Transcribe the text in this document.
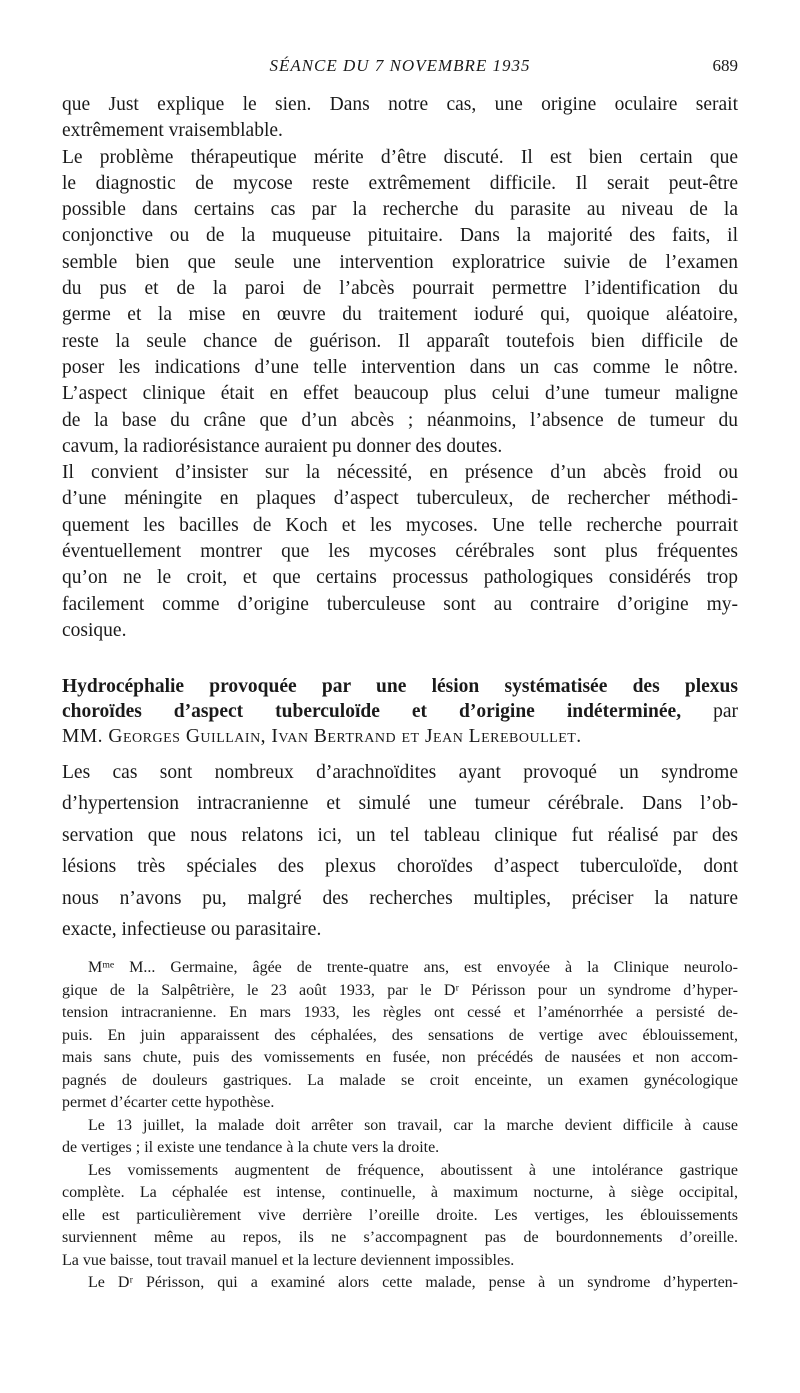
SÉANCE DU 7 NOVEMBRE 1935	689
que Just explique le sien. Dans notre cas, une origine oculaire serait
extrêmement vraisemblable.
Le problème thérapeutique mérite d’être discuté. Il est bien certain que
le diagnostic de mycose reste extrêmement difficile. Il serait peut-être
possible dans certains cas par la recherche du parasite au niveau de la
conjonctive ou de la muqueuse pituitaire. Dans la majorité des faits, il
semble bien que seule une intervention exploratrice suivie de l’examen
du pus et de la paroi de l’abcès pourrait permettre l’identification du
germe et la mise en œuvre du traitement ioduré qui, quoique aléatoire,
reste la seule chance de guérison. Il apparaît toutefois bien difficile de
poser les indications d’une telle intervention dans un cas comme le nôtre.
L’aspect clinique était en effet beaucoup plus celui d’une tumeur maligne
de la base du crâne que d’un abcès ; néanmoins, l’absence de tumeur du
cavum, la radiorésistance auraient pu donner des doutes.
Il convient d’insister sur la nécessité, en présence d’un abcès froid ou
d’une méningite en plaques d’aspect tuberculeux, de rechercher méthodi-
quement les bacilles de Koch et les mycoses. Une telle recherche pourrait
éventuellement montrer que les mycoses cérébrales sont plus fréquentes
qu’on ne le croit, et que certains processus pathologiques considérés trop
facilement comme d’origine tuberculeuse sont au contraire d’origine my-
cosique.
Hydrocéphalie provoquée par une lésion systématisée des plexus
choroïdes d’aspect tuberculoïde et d’origine indéterminée, par
MM. Georges Guillain, Ivan Bertrand et Jean Lereboullet.
Les cas sont nombreux d’arachnoïdites ayant provoqué un syndrome
d’hypertension intracranienne et simulé une tumeur cérébrale. Dans l’ob-
servation que nous relatons ici, un tel tableau clinique fut réalisé par des
lésions très spéciales des plexus choroïdes d’aspect tuberculoïde, dont
nous n’avons pu, malgré des recherches multiples, préciser la nature
exacte, infectieuse ou parasitaire.
Mᵐᵉ M... Germaine, âgée de trente-quatre ans, est envoyée à la Clinique neurolo-
gique de la Salpêtrière, le 23 août 1933, par le Dʳ Périsson pour un syndrome d’hyper-
tension intracranienne. En mars 1933, les règles ont cessé et l’aménorrhée a persisté de-
puis. En juin apparaissent des céphalées, des sensations de vertige avec éblouissement,
mais sans chute, puis des vomissements en fusée, non précédés de nausées et non accom-
pagnés de douleurs gastriques. La malade se croit enceinte, un examen gynécologique
permet d’écarter cette hypothèse.
Le 13 juillet, la malade doit arrêter son travail, car la marche devient difficile à cause
de vertiges ; il existe une tendance à la chute vers la droite.
Les vomissements augmentent de fréquence, aboutissent à une intolérance gastrique
complète. La céphalée est intense, continuelle, à maximum nocturne, à siège occipital,
elle est particulièrement vive derrière l’oreille droite. Les vertiges, les éblouissements
surviennent même au repos, ils ne s’accompagnent pas de bourdonnements d’oreille.
La vue baisse, tout travail manuel et la lecture deviennent impossibles.
Le Dʳ Périsson, qui a examiné alors cette malade, pense à un syndrome d’hyperten-
